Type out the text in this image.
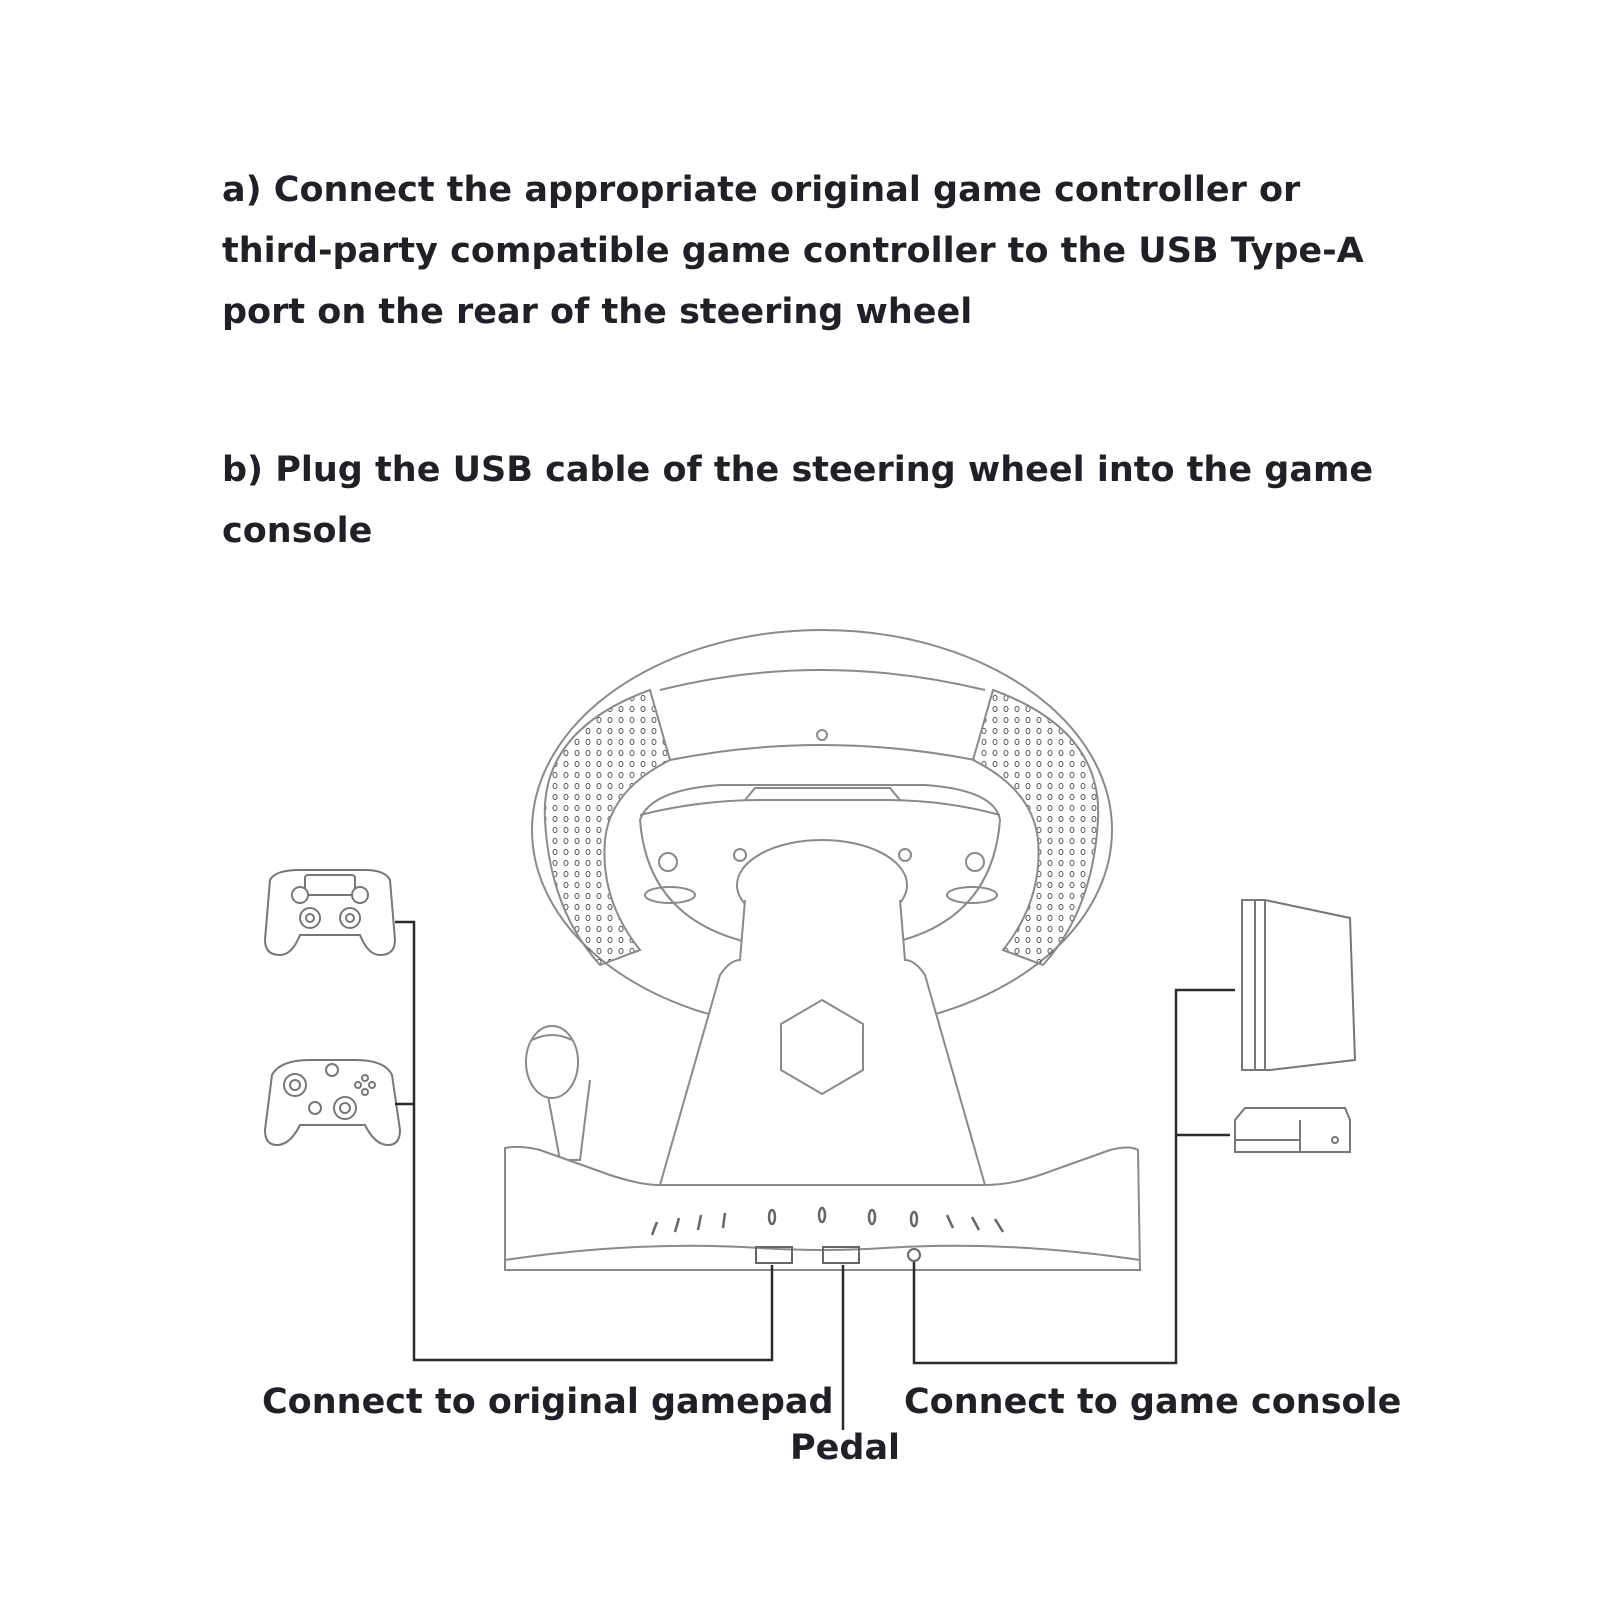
a) Connect the appropriate original game controller or third-party compatible game controller to the USB Type-A port on the rear of the steering wheel
b) Plug the USB cable of the steering wheel into the game console
Connect to original gamepad Connect to game console
Pedal
